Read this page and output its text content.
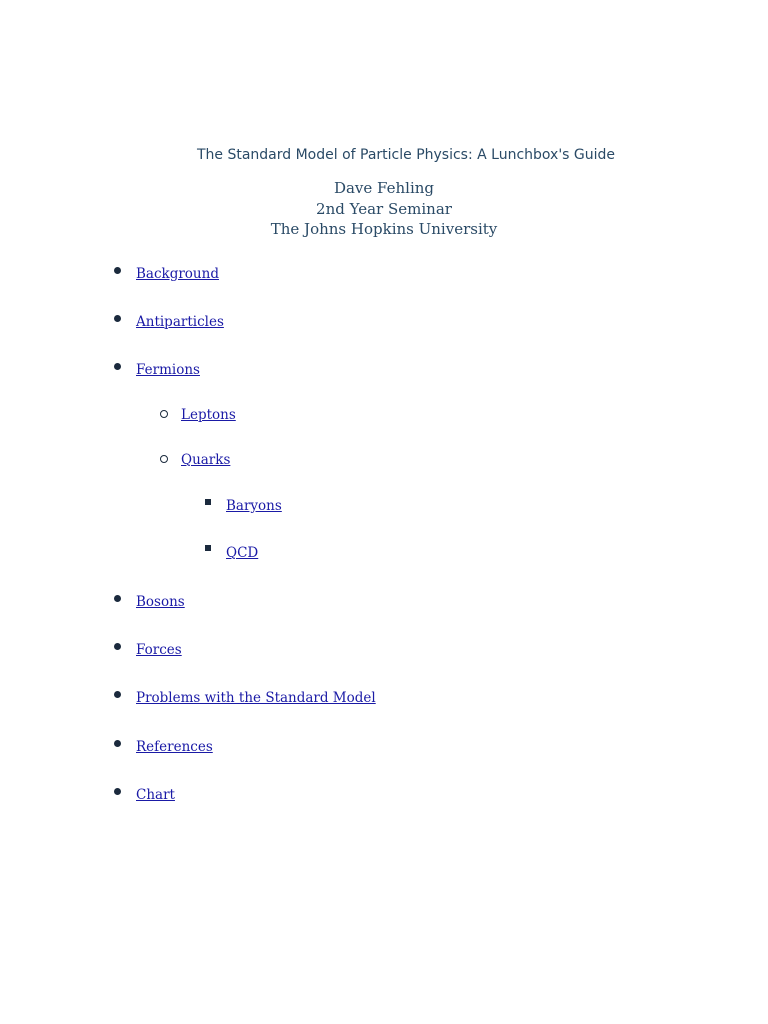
The Standard Model of Particle Physics: A Lunchbox's Guide
Dave Fehling
2nd Year Seminar
The Johns Hopkins University
Background
Antiparticles
Fermions
Leptons
Quarks
Baryons
QCD
Bosons
Forces
Problems with the Standard Model
References
Chart
